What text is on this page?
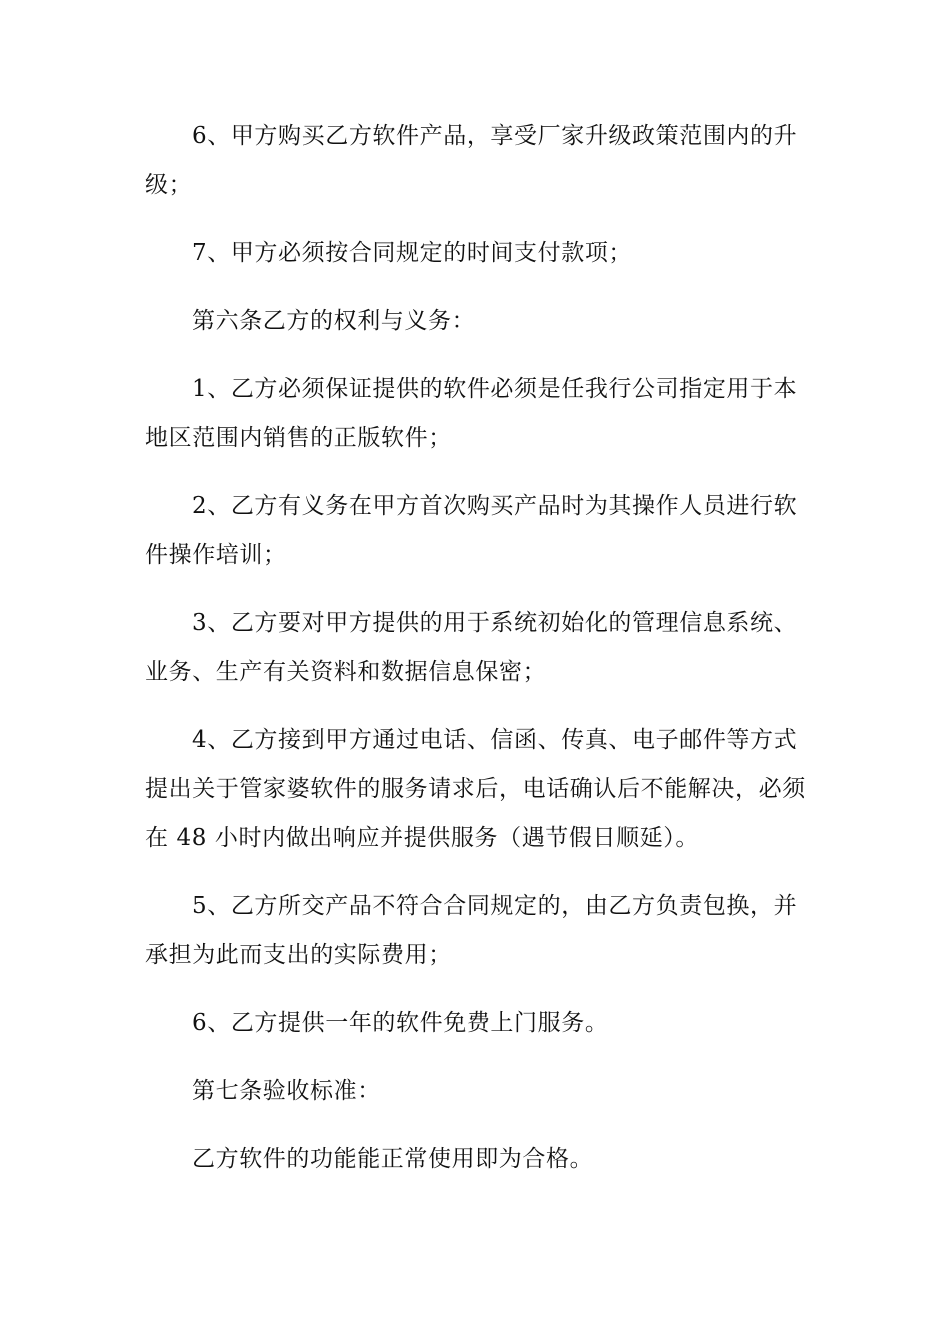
6、甲方购买乙方软件产品，享受厂家升级政策范围内的升
级；
7、甲方必须按合同规定的时间支付款项；
第六条乙方的权利与义务：
1、乙方必须保证提供的软件必须是任我行公司指定用于本
地区范围内销售的正版软件；
2、乙方有义务在甲方首次购买产品时为其操作人员进行软
件操作培训；
3、乙方要对甲方提供的用于系统初始化的管理信息系统、
业务、生产有关资料和数据信息保密；
4、乙方接到甲方通过电话、信函、传真、电子邮件等方式
提出关于管家婆软件的服务请求后，电话确认后不能解决，必须
在 48 小时内做出响应并提供服务（遇节假日顺延）。
5、乙方所交产品不符合合同规定的，由乙方负责包换，并
承担为此而支出的实际费用；
6、乙方提供一年的软件免费上门服务。
第七条验收标准：
乙方软件的功能能正常使用即为合格。
